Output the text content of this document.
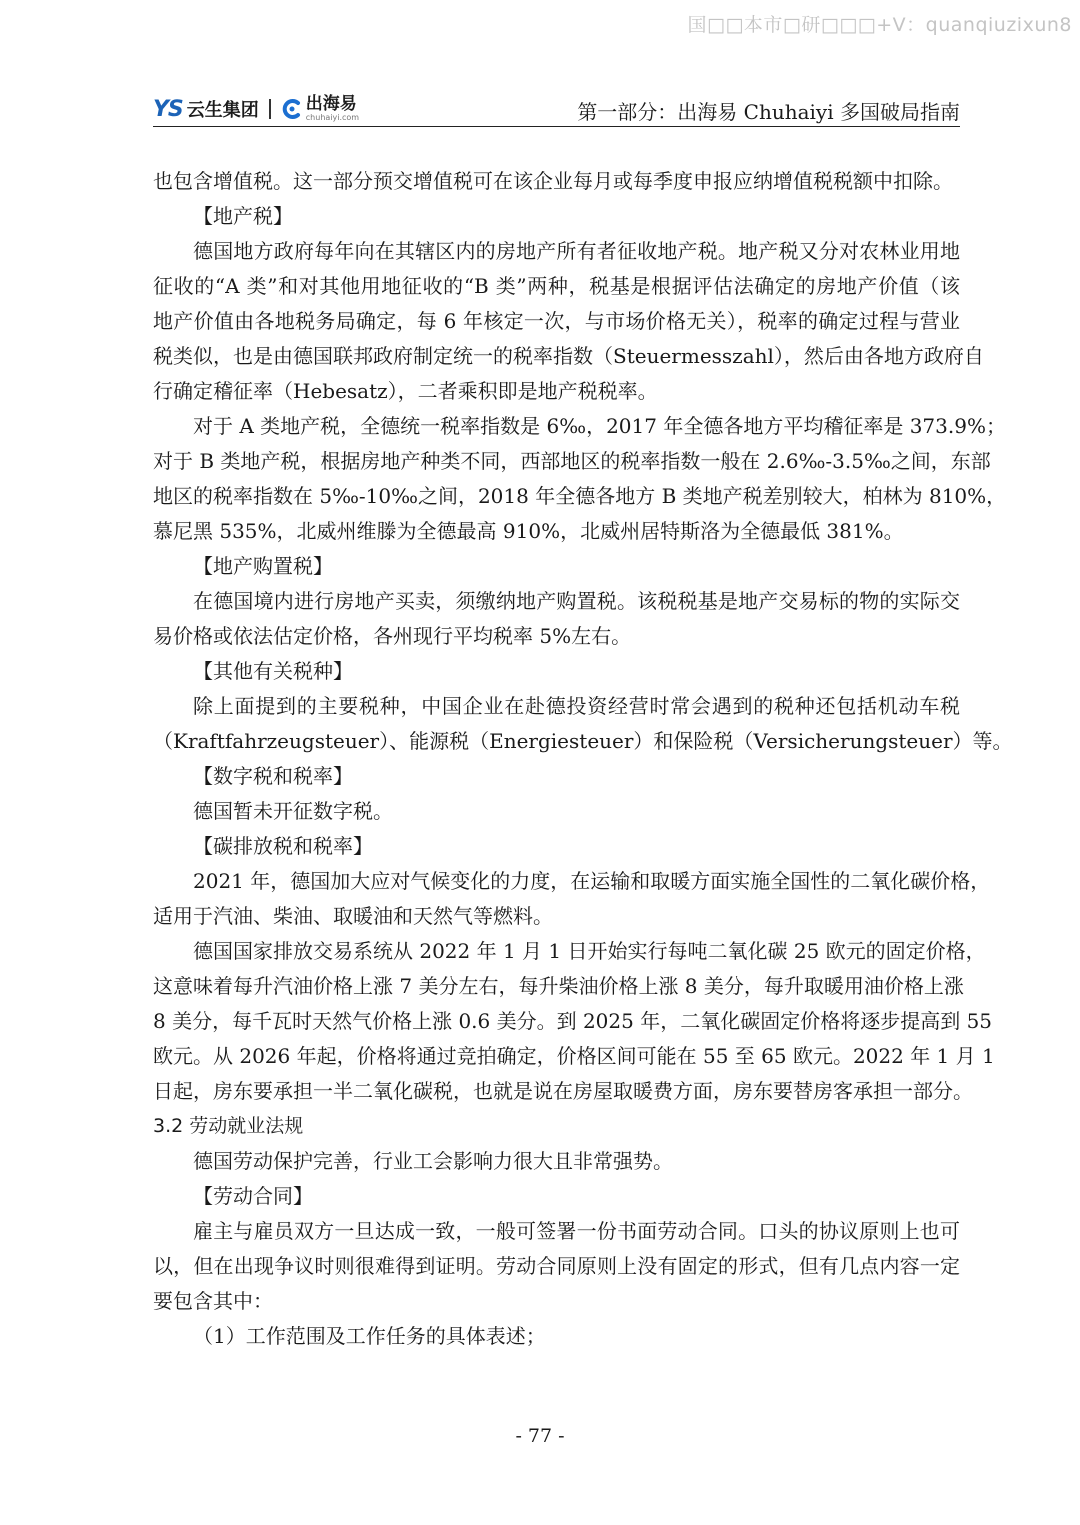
国□□本市□研□□□+V：quanqiuzixun8
YS 云生集团	出海易
chuhaiyi.com	第一部分：出海易 Chuhaiyi 多国破局指南
也包含增值税。这一部分预交增值税可在该企业每月或每季度申报应纳增值税税额中扣除。
【地产税】
德国地方政府每年向在其辖区内的房地产所有者征收地产税。地产税又分对农林业用地
征收的“A 类”和对其他用地征收的“B 类”两种，税基是根据评估法确定的房地产价值（该
地产价值由各地税务局确定，每 6 年核定一次，与市场价格无关），税率的确定过程与营业
税类似，也是由德国联邦政府制定统一的税率指数（Steuermesszahl），然后由各地方政府自
行确定稽征率（Hebesatz），二者乘积即是地产税税率。
对于 A 类地产税，全德统一税率指数是 6‰，2017 年全德各地方平均稽征率是 373.9%；
对于 B 类地产税，根据房地产种类不同，西部地区的税率指数一般在 2.6‰-3.5‰之间，东部
地区的税率指数在 5‰-10‰之间，2018 年全德各地方 B 类地产税差别较大，柏林为 810%，
慕尼黑 535%，北威州维滕为全德最高 910%，北威州居特斯洛为全德最低 381%。
【地产购置税】
在德国境内进行房地产买卖，须缴纳地产购置税。该税税基是地产交易标的物的实际交
易价格或依法估定价格，各州现行平均税率 5%左右。
【其他有关税种】
除上面提到的主要税种，中国企业在赴德投资经营时常会遇到的税种还包括机动车税
（Kraftfahrzeugsteuer）、能源税（Energiesteuer）和保险税（Versicherungsteuer）等。
【数字税和税率】
德国暂未开征数字税。
【碳排放税和税率】
2021 年，德国加大应对气候变化的力度，在运输和取暖方面实施全国性的二氧化碳价格，
适用于汽油、柴油、取暖油和天然气等燃料。
德国国家排放交易系统从 2022 年 1 月 1 日开始实行每吨二氧化碳 25 欧元的固定价格，
这意味着每升汽油价格上涨 7 美分左右，每升柴油价格上涨 8 美分，每升取暖用油价格上涨
8 美分，每千瓦时天然气价格上涨 0.6 美分。到 2025 年，二氧化碳固定价格将逐步提高到 55
欧元。从 2026 年起，价格将通过竞拍确定，价格区间可能在 55 至 65 欧元。2022 年 1 月 1
日起，房东要承担一半二氧化碳税，也就是说在房屋取暖费方面，房东要替房客承担一部分。
3.2 劳动就业法规
德国劳动保护完善，行业工会影响力很大且非常强势。
【劳动合同】
雇主与雇员双方一旦达成一致，一般可签署一份书面劳动合同。口头的协议原则上也可
以，但在出现争议时则很难得到证明。劳动合同原则上没有固定的形式，但有几点内容一定
要包含其中：
（1）工作范围及工作任务的具体表述；
- 77 -
